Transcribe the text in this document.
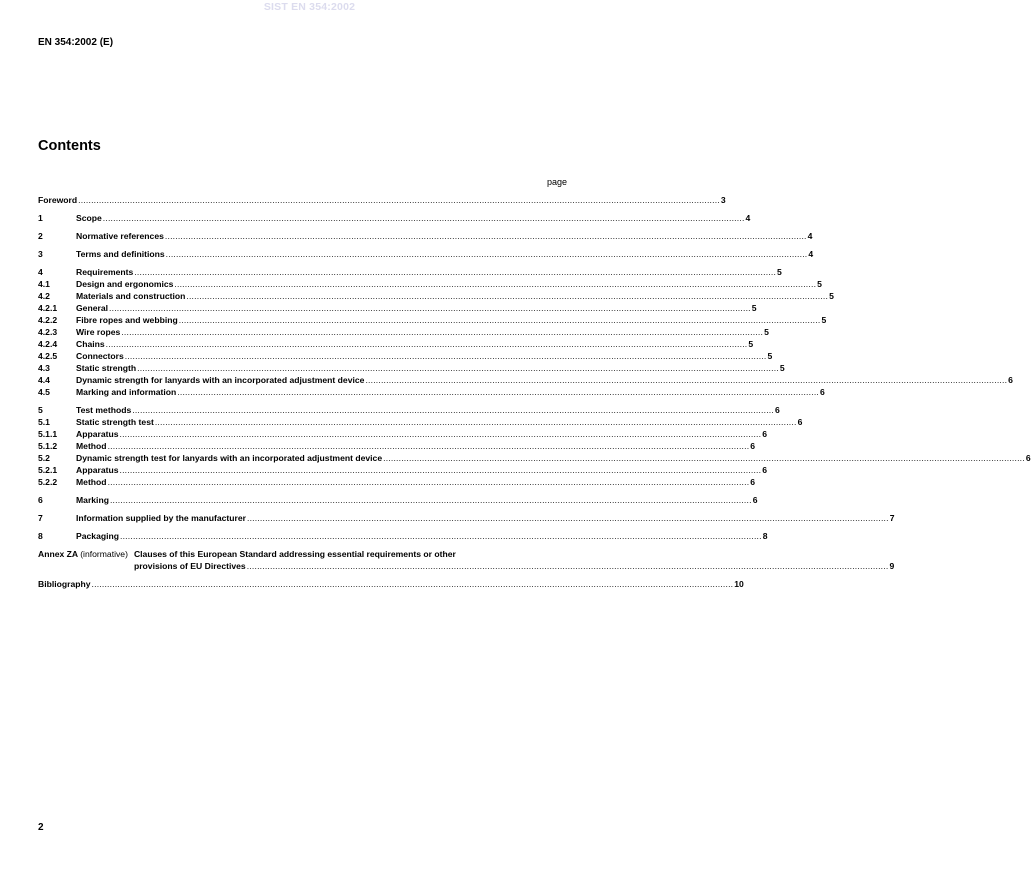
SIST EN 354:2002
EN 354:2002 (E)
Contents
page
Foreword .....	3
1	Scope .....	4
2	Normative references .....	4
3	Terms and definitions .....	4
4	Requirements .....	5
4.1	Design and ergonomics .....	5
4.2	Materials and construction .....	5
4.2.1	General .....	5
4.2.2	Fibre ropes and webbing .....	5
4.2.3	Wire ropes .....	5
4.2.4	Chains .....	5
4.2.5	Connectors .....	5
4.3	Static strength .....	5
4.4	Dynamic strength for lanyards with an incorporated adjustment device .....	6
4.5	Marking and information .....	6
5	Test methods .....	6
5.1	Static strength test .....	6
5.1.1	Apparatus .....	6
5.1.2	Method .....	6
5.2	Dynamic strength test for lanyards with an incorporated adjustment device .....	6
5.2.1	Apparatus .....	6
5.2.2	Method .....	6
6	Marking .....	6
7	Information supplied by the manufacturer .....	7
8	Packaging .....	8
Annex ZA (informative) Clauses of this European Standard addressing essential requirements or other
provisions of EU Directives .....	9
Bibliography .....	10
2
